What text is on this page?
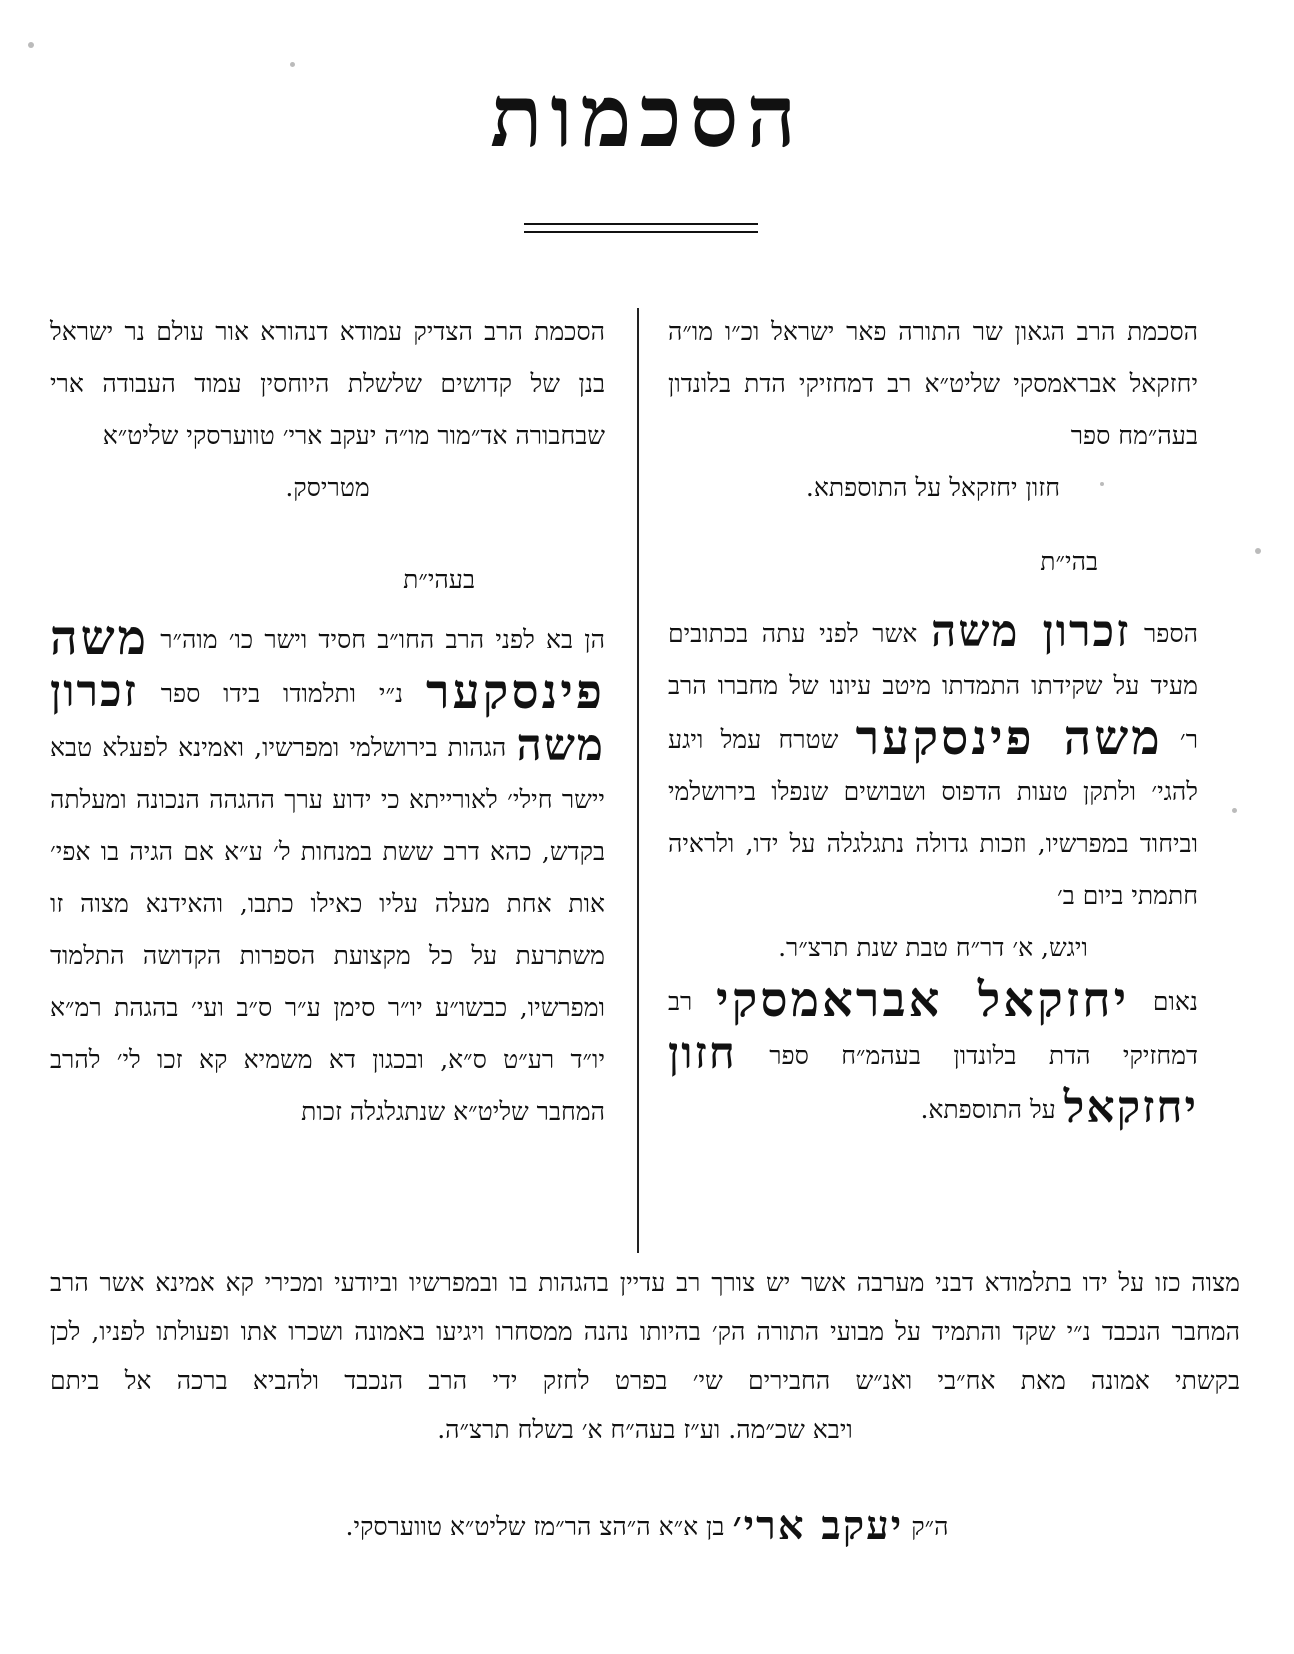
הסכמות

הסכמת הרב הגאון שר התורה פאר ישראל וכ״ו מו״ה יחזקאל אבראמסקי שליט״א רב דמחזיקי הדת בלונדון בעה״מח ספר

חזון יחזקאל על התוספתא.

בהי״ת

הספר זכרון משה אשר לפני עתה בכתובים מעיד על שקידתו התמדתו מיטב עיונו של מחברו הרב ר׳ משה פינסקער שטרח עמל ויגע להגי׳ ולתקן טעות הדפוס ושבושים שנפלו בירושלמי וביחוד במפרשיו, וזכות גדולה נתגלגלה על ידו, ולראיה חתמתי ביום ב׳

ויגש, א׳ דר״ח טבת שנת תרצ״ר.

נאום יחזקאל אבראמסקי רב דמחזיקי הדת בלונדון בעהמ״ח ספר חזון יחזקאל על התוספתא.

הסכמת הרב הצדיק עמודא דנהורא אור עולם נר ישראל בנן של קדושים שלשלת היוחסין עמוד העבודה ארי שבחבורה אד״מור מו״ה יעקב ארי׳ טווערסקי שליט״א

מטריסק.

בעהי״ת

הן בא לפני הרב החו״ב חסיד וישר כו׳ מוה״ר משה פינסקער נ״י ותלמודו בידו ספר זכרון משה הגהות בירושלמי ומפרשיו, ואמינא לפעלא טבא יישר חילי׳ לאורייתא כי ידוע ערך ההגהה הנכונה ומעלתה בקדש, כהא דרב ששת במנחות ל׳ ע״א אם הגיה בו אפי׳ אות אחת מעלה עליו כאילו כתבו, והאידנא מצוה זו משתרעת על כל מקצועת הספרות הקדושה התלמוד ומפרשיו, כבשו״ע יו״ר סימן ע״ר ס״ב ועי׳ בהגהת רמ״א יו״ד רע״ט ס״א, ובכגון דא משמיא קא זכו לי׳ להרב המחבר שליט״א שנתגלגלה זכות

מצוה כזו על ידו בתלמודא דבני מערבה אשר יש צורך רב עדיין בהגהות בו ובמפרשיו וביודעי ומכירי קא אמינא אשר הרב המחבר הנכבד נ״י שקד והתמיד על מבועי התורה הק׳ בהיותו נהנה ממסחרו ויגיעו באמונה ושכרו אתו ופעולתו לפניו, לכן בקשתי אמונה מאת אח״בי ואנ״ש החבירים שי׳ בפרט לחזק ידי הרב הנכבד ולהביא ברכה אל ביתם

ויבא שכ״מה. וע״ז בעה״ח א׳ בשלח תרצ״ה.

ה״ק יעקב ארי׳ בן א״א ה״הצ הר״מז שליט״א טווערסקי.
